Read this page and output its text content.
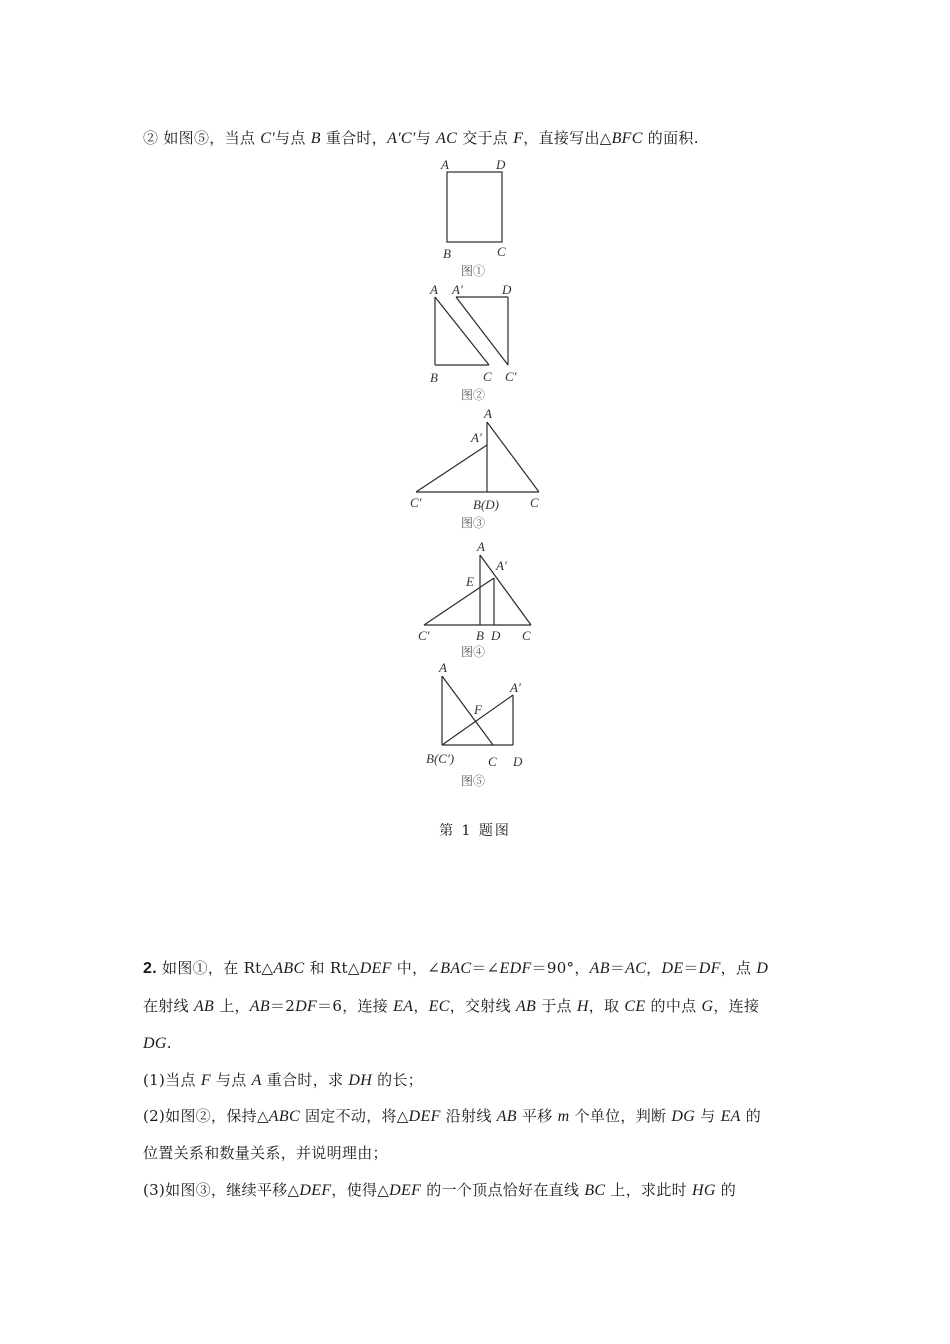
② 如图⑤，当点 C′与点 B 重合时，A′C′与 AC 交于点 F，直接写出△BFC 的面积.
A	D
B	C
图①
A A′	D
B	C C′
图②
A
A′
C′	B(D) C
图③
A
A′
E
C′	B D C
图④
A
A′
F
B(C′)	C D
图⑤
第 1 题图
2. 如图①，在 Rt△ABC 和 Rt△DEF 中，∠BAC＝∠EDF＝90°，AB＝AC，DE＝DF，点 D
在射线 AB 上，AB＝2DF＝6，连接 EA，EC，交射线 AB 于点 H，取 CE 的中点 G，连接
DG.
(1)当点 F 与点 A 重合时，求 DH 的长；
(2)如图②，保持△ABC 固定不动，将△DEF 沿射线 AB 平移 m 个单位，判断 DG 与 EA 的
位置关系和数量关系，并说明理由；
(3)如图③，继续平移△DEF，使得△DEF 的一个顶点恰好在直线 BC 上，求此时 HG 的
